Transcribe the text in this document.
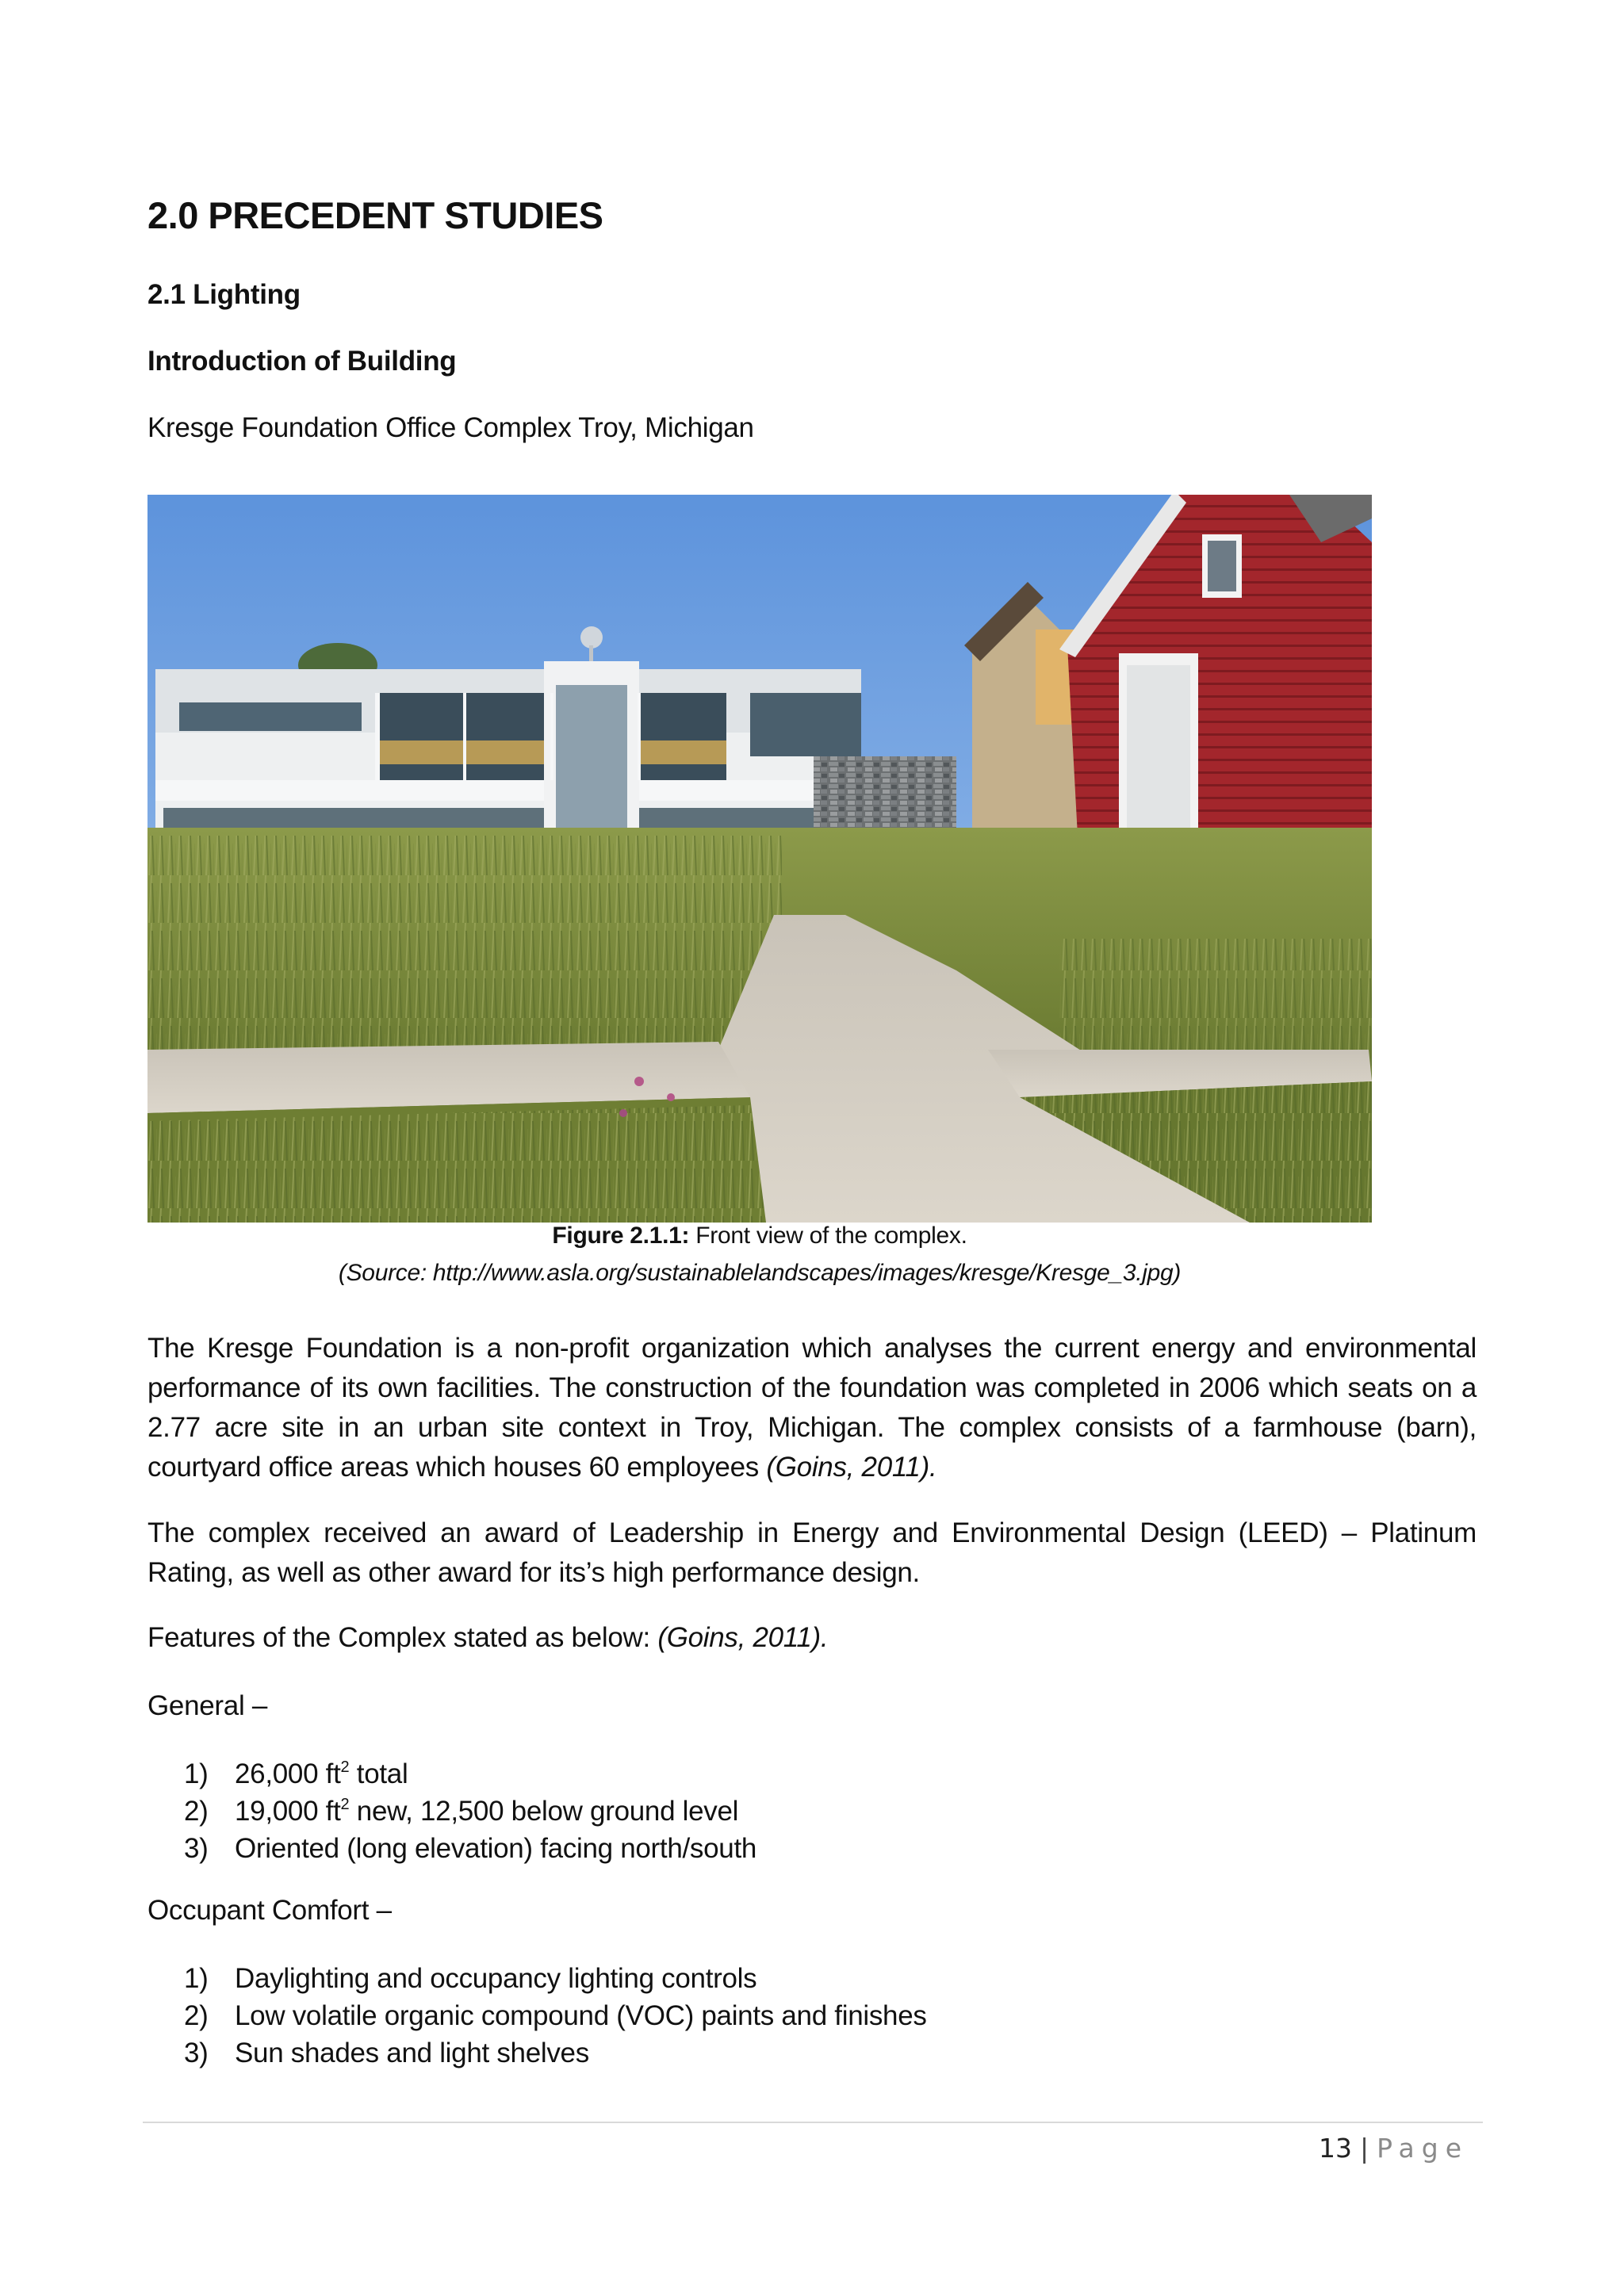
2.0 PRECEDENT STUDIES
2.1 Lighting
Introduction of Building

Kresge Foundation Office Complex Troy, Michigan

Figure 2.1.1: Front view of the complex.

(Source: http://www.asla.org/sustainablelandscapes/images/kresge/Kresge_3.jpg)

The Kresge Foundation is a non-profit organization which analyses the current energy and environmental performance of its own facilities. The construction of the foundation was completed in 2006 which seats on a 2.77 acre site in an urban site context in Troy, Michigan. The complex consists of a farmhouse (barn), courtyard office areas which houses 60 employees (Goins, 2011).

The complex received an award of Leadership in Energy and Environmental Design (LEED) – Platinum Rating, as well as other award for its’s high performance design.

Features of the Complex stated as below: (Goins, 2011).

General –

1) 26,000 $ft^2$ total
2) 19,000 $ft^2$ new, 12,500 below ground level
3) Oriented (long elevation) facing north/south

Occupant Comfort –

1) Daylighting and occupancy lighting controls
2) Low volatile organic compound (VOC) paints and finishes
3) Sun shades and light shelves
13 | Page
